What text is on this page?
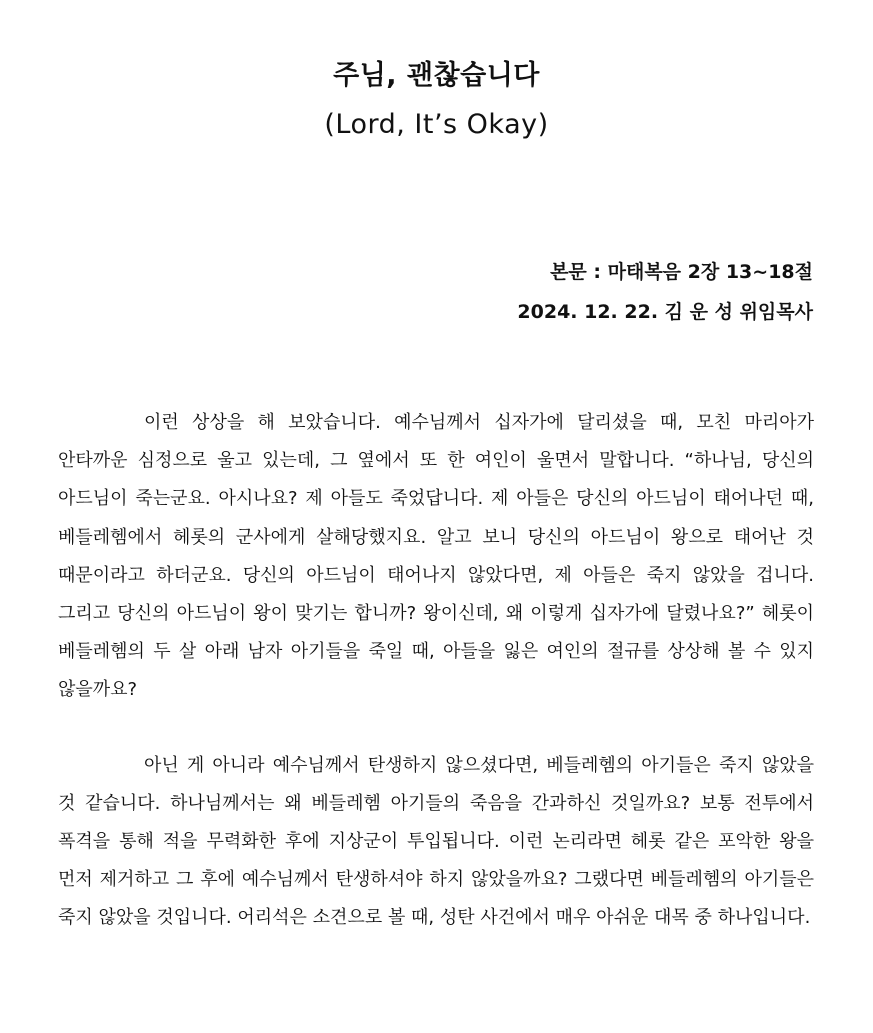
주님, 괜찮습니다
(Lord, It’s Okay)
본문 : 마태복음 2장 13~18절
2024. 12. 22. 김 운 성 위임목사

이런 상상을 해 보았습니다. 예수님께서 십자가에 달리셨을 때, 모친 마리아가 안타까운 심정으로 울고 있는데, 그 옆에서 또 한 여인이 울면서 말합니다. “하나님, 당신의 아드님이 죽는군요. 아시나요? 제 아들도 죽었답니다. 제 아들은 당신의 아드님이 태어나던 때, 베들레헴에서 헤롯의 군사에게 살해당했지요. 알고 보니 당신의 아드님이 왕으로 태어난 것 때문이라고 하더군요. 당신의 아드님이 태어나지 않았다면, 제 아들은 죽지 않았을 겁니다. 그리고 당신의 아드님이 왕이 맞기는 합니까? 왕이신데, 왜 이렇게 십자가에 달렸나요?” 헤롯이 베들레헴의 두 살 아래 남자 아기들을 죽일 때, 아들을 잃은 여인의 절규를 상상해 볼 수 있지 않을까요?

아닌 게 아니라 예수님께서 탄생하지 않으셨다면, 베들레헴의 아기들은 죽지 않았을 것 같습니다. 하나님께서는 왜 베들레헴 아기들의 죽음을 간과하신 것일까요? 보통 전투에서 폭격을 통해 적을 무력화한 후에 지상군이 투입됩니다. 이런 논리라면 헤롯 같은 포악한 왕을 먼저 제거하고 그 후에 예수님께서 탄생하셔야 하지 않았을까요? 그랬다면 베들레헴의 아기들은 죽지 않았을 것입니다. 어리석은 소견으로 볼 때, 성탄 사건에서 매우 아쉬운 대목 중 하나입니다.
